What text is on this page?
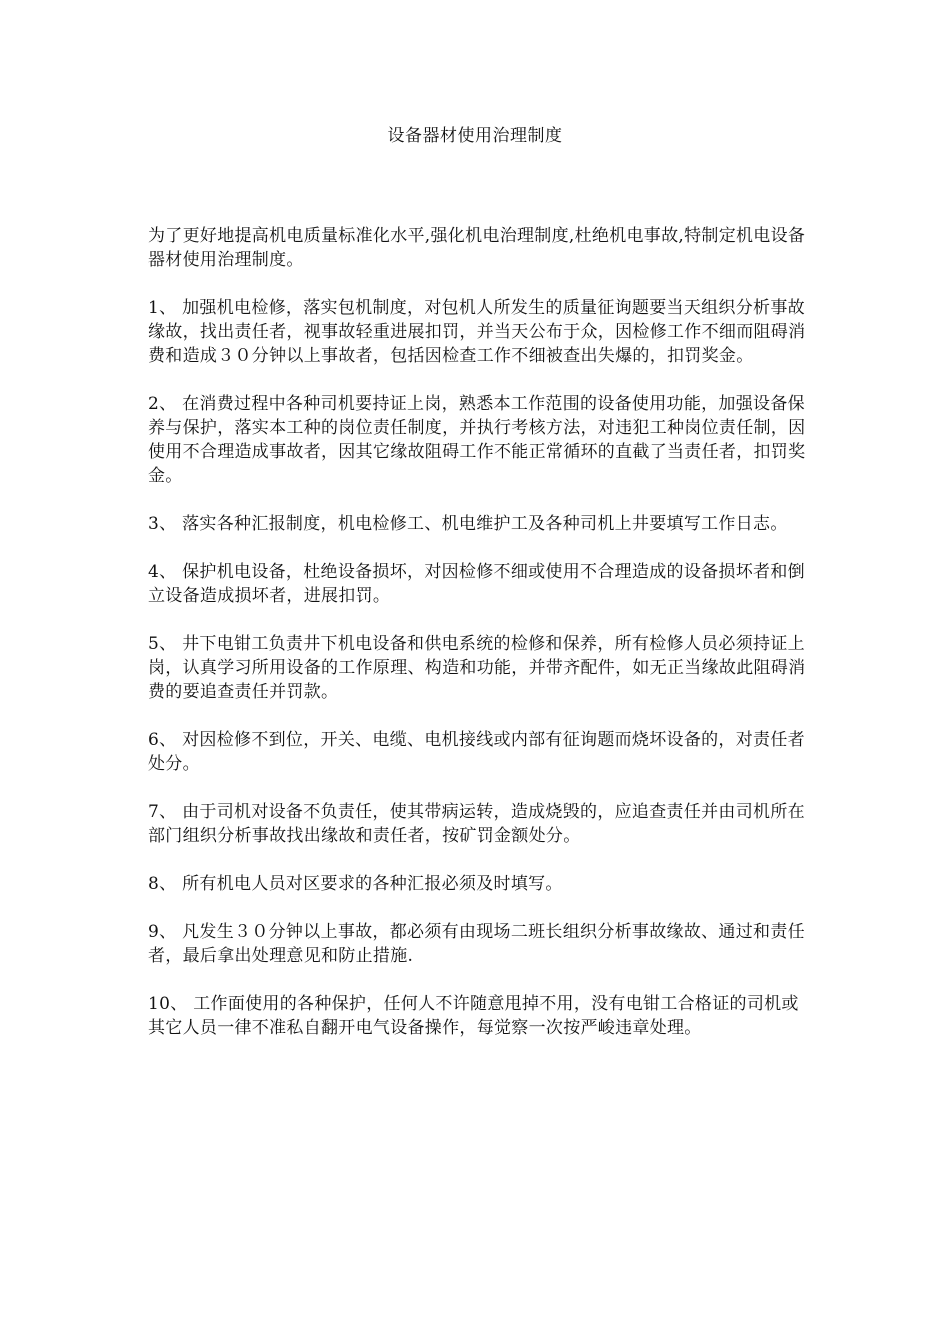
设备器材使用治理制度

为了更好地提高机电质量标准化水平,强化机电治理制度,杜绝机电事故,特制定机电设备器材使用治理制度。

1、 加强机电检修，落实包机制度，对包机人所发生的质量征询题要当天组织分析事故缘故，找出责任者，视事故轻重进展扣罚，并当天公布于众，因检修工作不细而阻碍消费和造成３０分钟以上事故者，包括因检查工作不细被查出失爆的，扣罚奖金。

2、 在消费过程中各种司机要持证上岗，熟悉本工作范围的设备使用功能，加强设备保养与保护，落实本工种的岗位责任制度，并执行考核方法，对违犯工种岗位责任制，因使用不合理造成事故者，因其它缘故阻碍工作不能正常循环的直截了当责任者，扣罚奖金。

3、 落实各种汇报制度，机电检修工、机电维护工及各种司机上井要填写工作日志。

4、 保护机电设备，杜绝设备损坏，对因检修不细或使用不合理造成的设备损坏者和倒立设备造成损坏者，进展扣罚。

5、 井下电钳工负责井下机电设备和供电系统的检修和保养，所有检修人员必须持证上岗，认真学习所用设备的工作原理、构造和功能，并带齐配件，如无正当缘故此阻碍消费的要追查责任并罚款。

6、 对因检修不到位，开关、电缆、电机接线或内部有征询题而烧坏设备的，对责任者处分。

7、 由于司机对设备不负责任，使其带病运转，造成烧毁的，应追查责任并由司机所在部门组织分析事故找出缘故和责任者，按矿罚金额处分。

8、 所有机电人员对区要求的各种汇报必须及时填写。

9、 凡发生３０分钟以上事故，都必须有由现场二班长组织分析事故缘故、通过和责任者，最后拿出处理意见和防止措施.

10、 工作面使用的各种保护，任何人不许随意甩掉不用，没有电钳工合格证的司机或其它人员一律不准私自翻开电气设备操作，每觉察一次按严峻违章处理。
